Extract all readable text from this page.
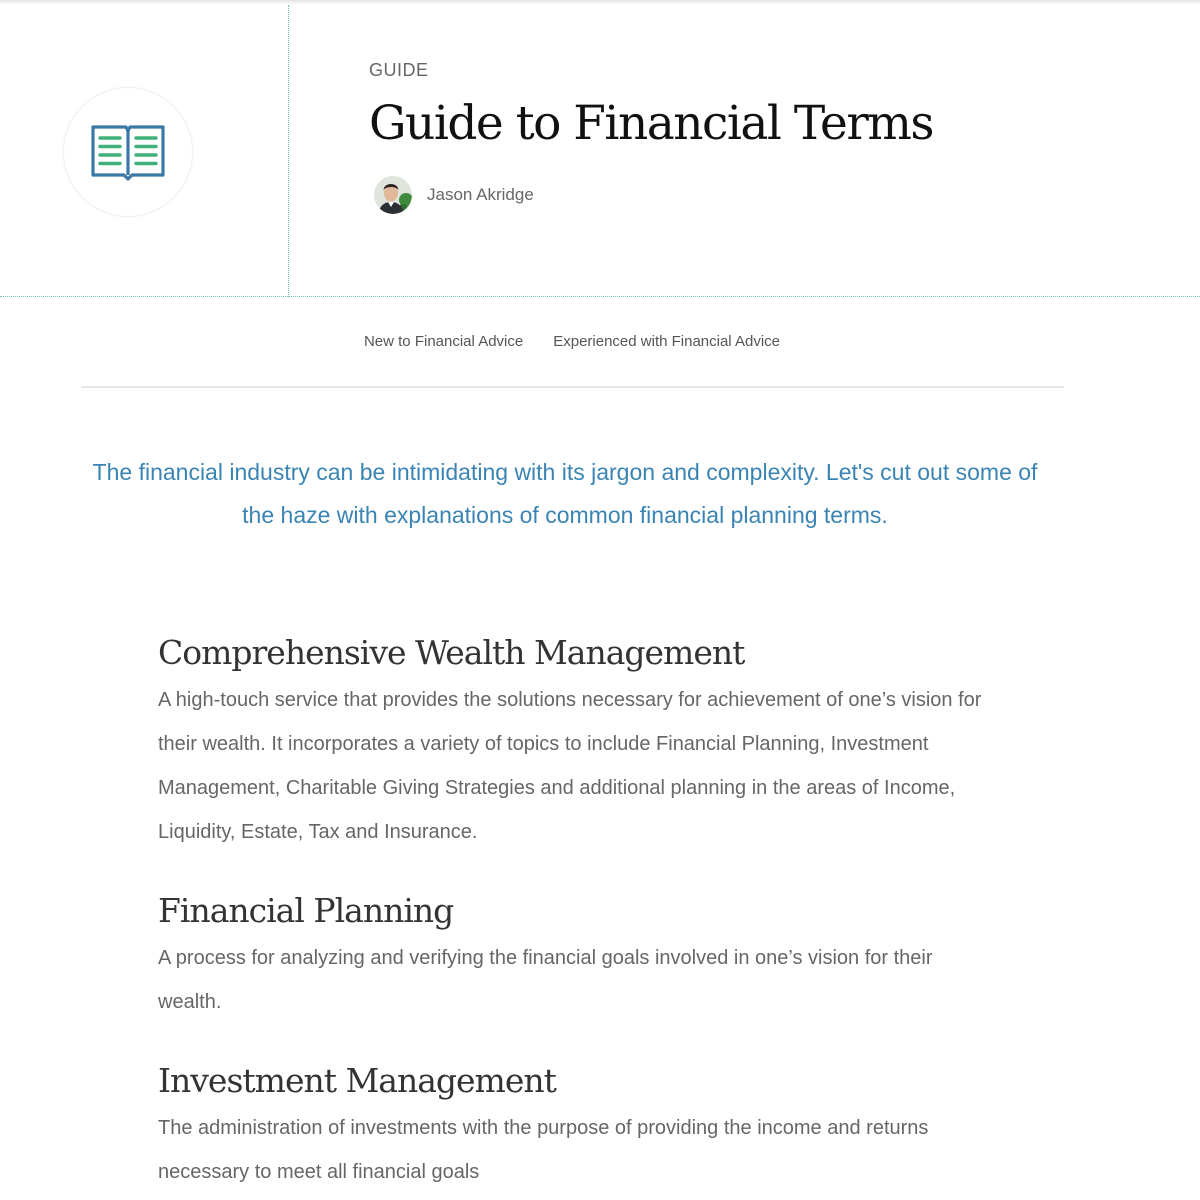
GUIDE
Guide to Financial Terms
Jason Akridge
New to Financial Advice Experienced with Financial Advice

The financial industry can be intimidating with its jargon and complexity. Let's cut out some of the haze with explanations of common financial planning terms.

Comprehensive Wealth Management

A high-touch service that provides the solutions necessary for achievement of one’s vision for their wealth. It incorporates a variety of topics to include Financial Planning, Investment Management, Charitable Giving Strategies and additional planning in the areas of Income, Liquidity, Estate, Tax and Insurance.

Financial Planning

A process for analyzing and verifying the financial goals involved in one’s vision for their wealth.

Investment Management

The administration of investments with the purpose of providing the income and returns necessary to meet all financial goals
